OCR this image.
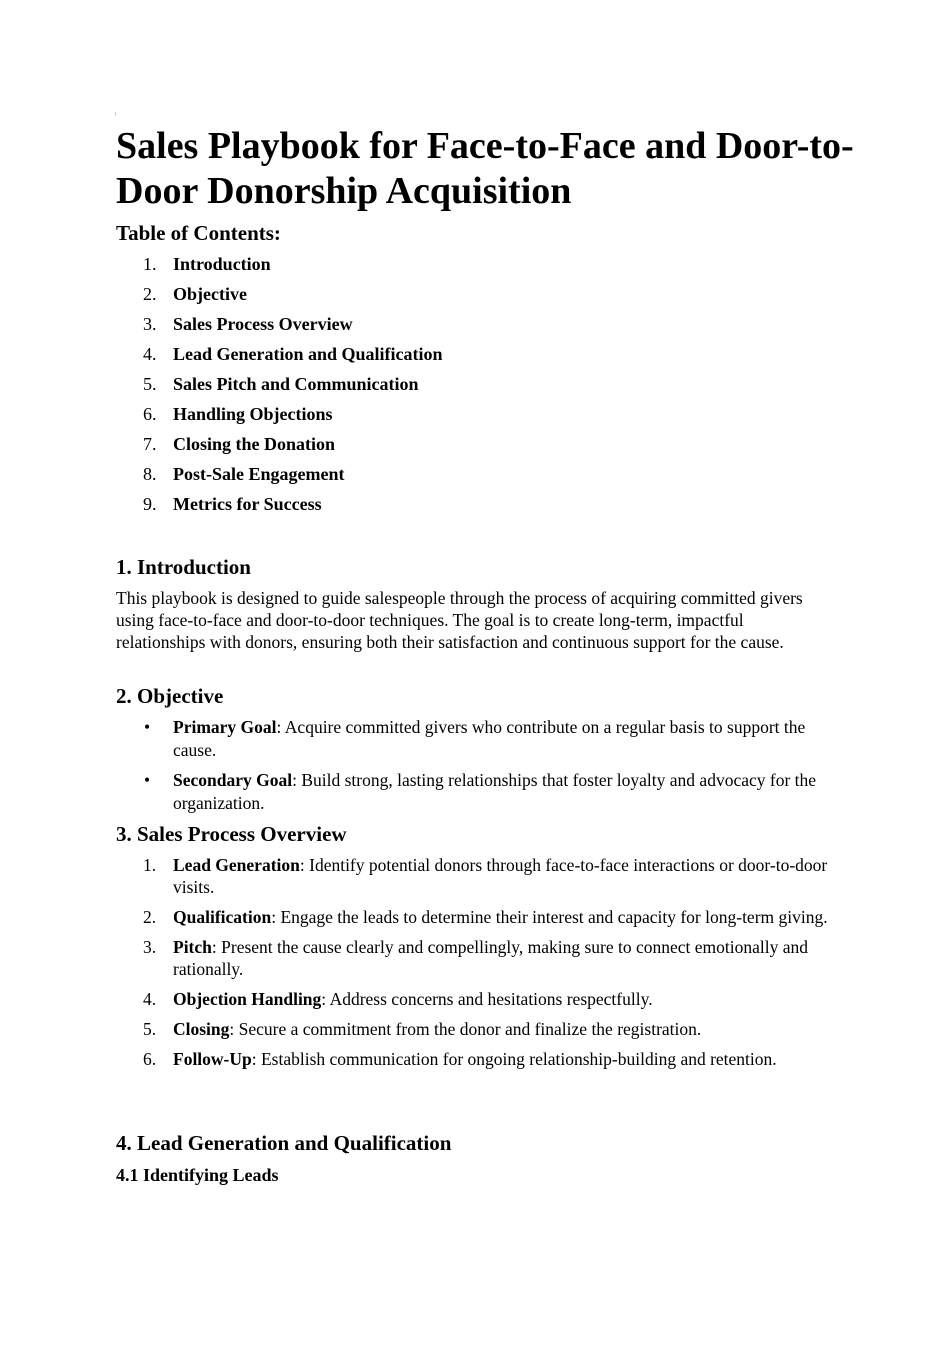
Sales Playbook for Face-to-Face and Door-to-Door Donorship Acquisition
Table of Contents:
1. Introduction
2. Objective
3. Sales Process Overview
4. Lead Generation and Qualification
5. Sales Pitch and Communication
6. Handling Objections
7. Closing the Donation
8. Post-Sale Engagement
9. Metrics for Success
1. Introduction

This playbook is designed to guide salespeople through the process of acquiring committed givers using face-to-face and door-to-door techniques. The goal is to create long-term, impactful relationships with donors, ensuring both their satisfaction and continuous support for the cause.

2. Objective
• Primary Goal: Acquire committed givers who contribute on a regular basis to support the cause.
• Secondary Goal: Build strong, lasting relationships that foster loyalty and advocacy for the organization.
3. Sales Process Overview
1. Lead Generation: Identify potential donors through face-to-face interactions or door-to-door visits.
2. Qualification: Engage the leads to determine their interest and capacity for long-term giving.
3. Pitch: Present the cause clearly and compellingly, making sure to connect emotionally and rationally.
4. Objection Handling: Address concerns and hesitations respectfully.
5. Closing: Secure a commitment from the donor and finalize the registration.
6. Follow-Up: Establish communication for ongoing relationship-building and retention.
4. Lead Generation and Qualification
4.1 Identifying Leads
